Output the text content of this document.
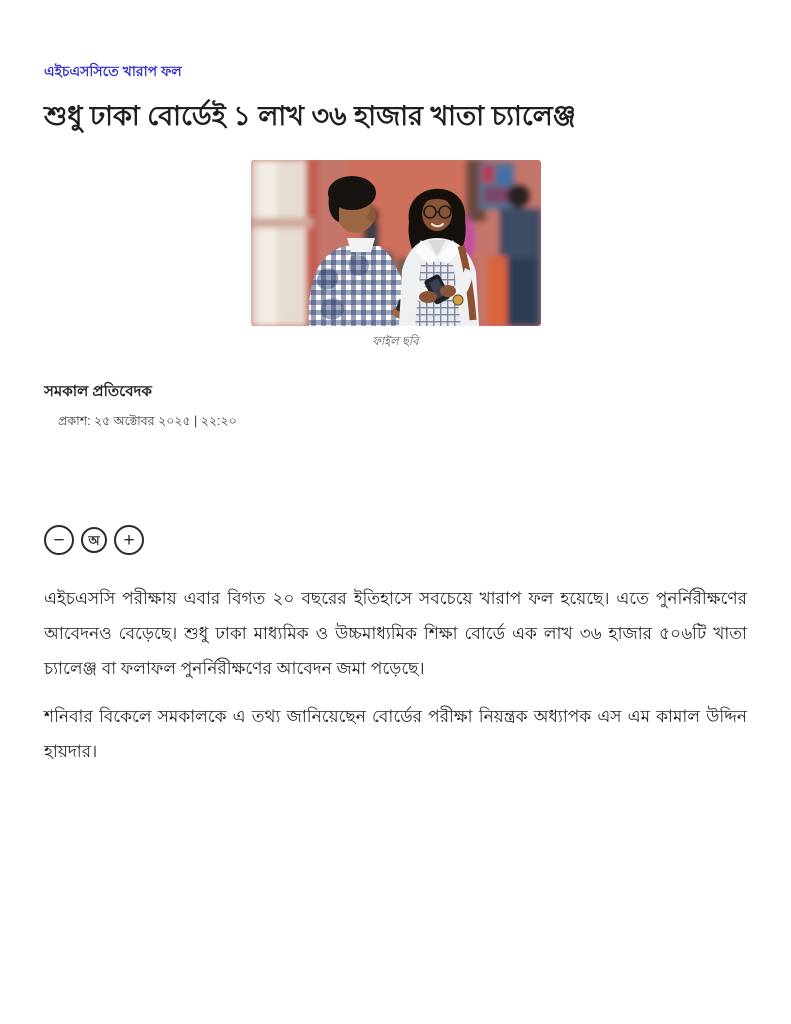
এইচএসসিতে খারাপ ফল
শুধু ঢাকা বোর্ডেই ১ লাখ ৩৬ হাজার খাতা চ্যালেঞ্জ
ফাইল ছবি
সমকাল প্রতিবেদক
প্রকাশ: ২৫ অক্টোবর ২০২৫ | ২২:২০
−	অ	+

এইচএসসি পরীক্ষায় এবার বিগত ২০ বছরের ইতিহাসে সবচেয়ে খারাপ ফল হয়েছে। এতে পুনর্নিরীক্ষণের আবেদনও বেড়েছে। শুধু ঢাকা মাধ্যমিক ও উচ্চমাধ্যমিক শিক্ষা বোর্ডে এক লাখ ৩৬ হাজার ৫০৬টি খাতা চ্যালেঞ্জ বা ফলাফল পুনর্নিরীক্ষণের আবেদন জমা পড়েছে।

শনিবার বিকেলে সমকালকে এ তথ্য জানিয়েছেন বোর্ডের পরীক্ষা নিয়ন্ত্রক অধ্যাপক এস এম কামাল উদ্দিন হায়দার।
